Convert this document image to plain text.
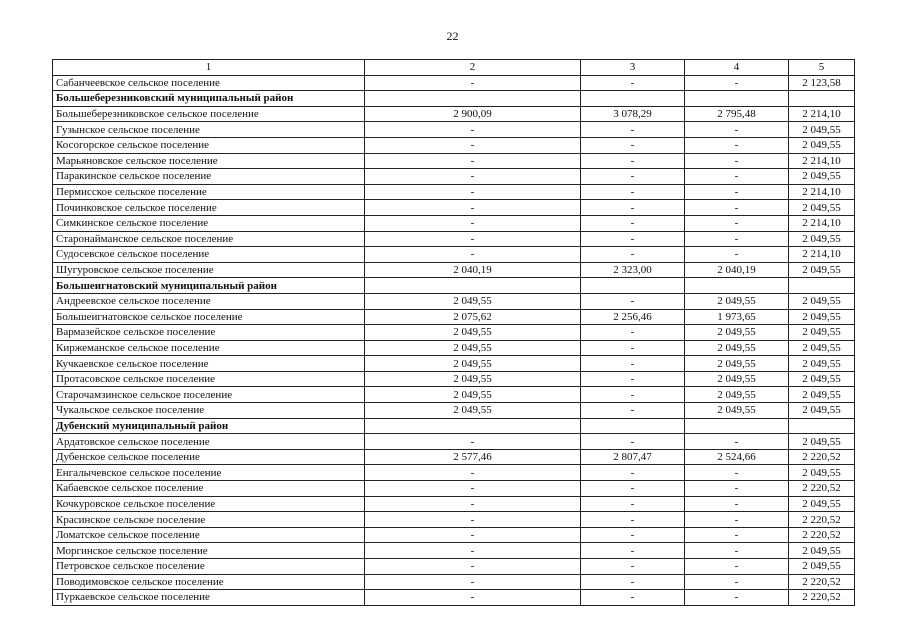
22
1	2	3	4	5
Сабанчеевское сельское поселение	-	-	-	2 123,58
Большеберезниковский муниципальный район				
Большеберезниковское сельское поселение	2 900,09	3 078,29	2 795,48	2 214,10
Гузынское сельское поселение	-	-	-	2 049,55
Косогорское сельское поселение	-	-	-	2 049,55
Марьяновское сельское поселение	-	-	-	2 214,10
Паракинское сельское поселение	-	-	-	2 049,55
Пермисское сельское поселение	-	-	-	2 214,10
Починковское сельское поселение	-	-	-	2 049,55
Симкинское сельское поселение	-	-	-	2 214,10
Старонайманское сельское поселение	-	-	-	2 049,55
Судосевское сельское поселение	-	-	-	2 214,10
Шугуровское сельское поселение	2 040,19	2 323,00	2 040,19	2 049,55
Большеигнатовский муниципальный район				
Андреевское сельское поселение	2 049,55	-	2 049,55	2 049,55
Большеигнатовское сельское поселение	2 075,62	2 256,46	1 973,65	2 049,55
Вармазейское сельское поселение	2 049,55	-	2 049,55	2 049,55
Киржеманское сельское поселение	2 049,55	-	2 049,55	2 049,55
Кучкаевское сельское поселение	2 049,55	-	2 049,55	2 049,55
Протасовское сельское поселение	2 049,55	-	2 049,55	2 049,55
Старочамзинское сельское поселение	2 049,55	-	2 049,55	2 049,55
Чукальское сельское поселение	2 049,55	-	2 049,55	2 049,55
Дубенский муниципальный район				
Ардатовское сельское поселение	-	-	-	2 049,55
Дубенское сельское поселение	2 577,46	2 807,47	2 524,66	2 220,52
Енгалычевское сельское поселение	-	-	-	2 049,55
Кабаевское сельское поселение	-	-	-	2 220,52
Кочкуровское сельское поселение	-	-	-	2 049,55
Красинское сельское поселение	-	-	-	2 220,52
Ломатское сельское поселение	-	-	-	2 220,52
Моргинское сельское поселение	-	-	-	2 049,55
Петровское сельское поселение	-	-	-	2 049,55
Поводимовское сельское поселение	-	-	-	2 220,52
Пуркаевское сельское поселение	-	-	-	2 220,52
